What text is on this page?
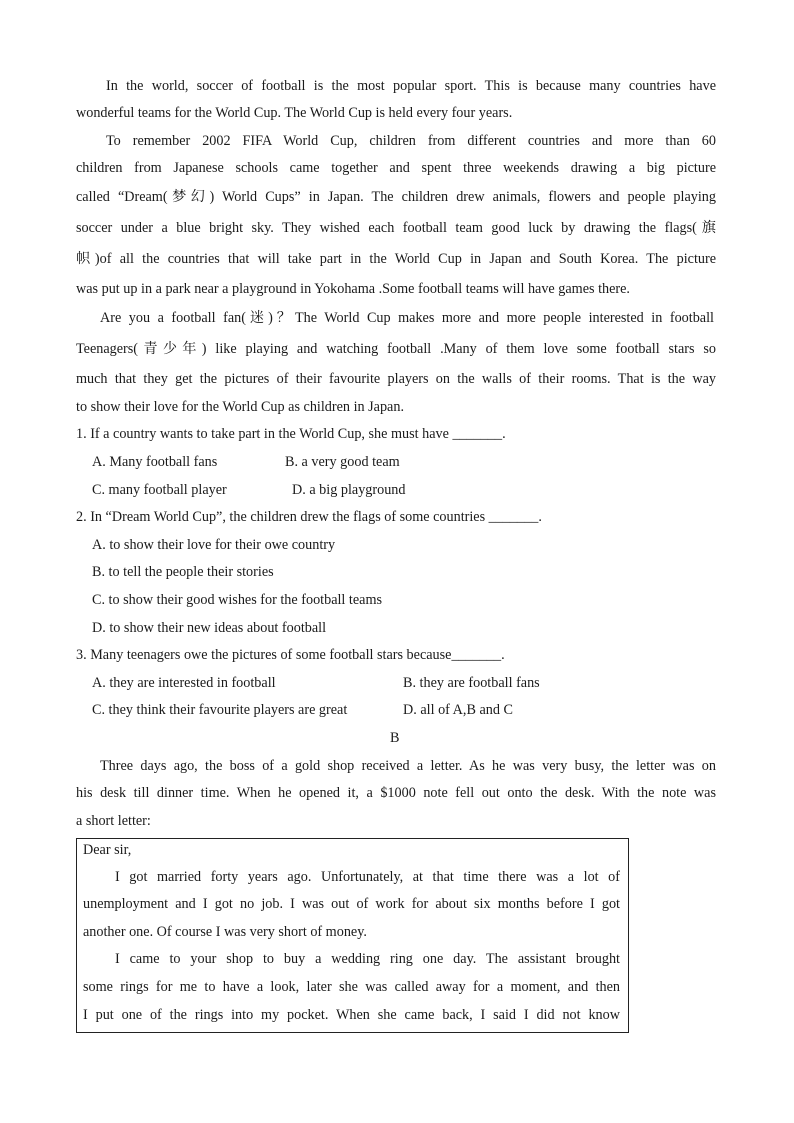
In the world, soccer of football is the most popular sport. This is because many countries have
wonderful teams for the World Cup. The World Cup is held every four years.
To remember 2002 FIFA World Cup, children from different countries and more than 60
children from Japanese schools came together and spent three weekends drawing a big picture
called “Dream(梦幻) World Cups” in Japan. The children drew animals, flowers and people playing
soccer under a blue bright sky. They wished each football team good luck by drawing the flags(旗
帜)of all the countries that will take part in the World Cup in Japan and South Korea. The picture
was put up in a park near a playground in Yokohama .Some football teams will have games there.
Are you a football fan(迷)？The World Cup makes more and more people interested in football
Teenagers(青少年) like playing and watching football .Many of them love some football stars so
much that they get the pictures of their favourite players on the walls of their rooms. That is the way
to show their love for the World Cup as children in Japan.
1. If a country wants to take part in the World Cup, she must have _______.
A. Many football fans	B. a very good team
C. many football player	D. a big playground
2. In “Dream World Cup”, the children drew the flags of some countries _______.
A. to show their love for their owe country
B. to tell the people their stories
C. to show their good wishes for the football teams
D. to show their new ideas about football
3. Many teenagers owe the pictures of some football stars because_______.
A. they are interested in football	B. they are football fans
C. they think their favourite players are great	D. all of A,B and C
B
Three days ago, the boss of a gold shop received a letter. As he was very busy, the letter was on
his desk till dinner time. When he opened it, a $1000 note fell out onto the desk. With the note was
a short letter:
Dear sir,
I got married forty years ago. Unfortunately, at that time there was a lot of
unemployment and I got no job. I was out of work for about six months before I got
another one. Of course I was very short of money.
I came to your shop to buy a wedding ring one day. The assistant brought
some rings for me to have a look, later she was called away for a moment, and then
I put one of the rings into my pocket. When she came back, I said I did not know
